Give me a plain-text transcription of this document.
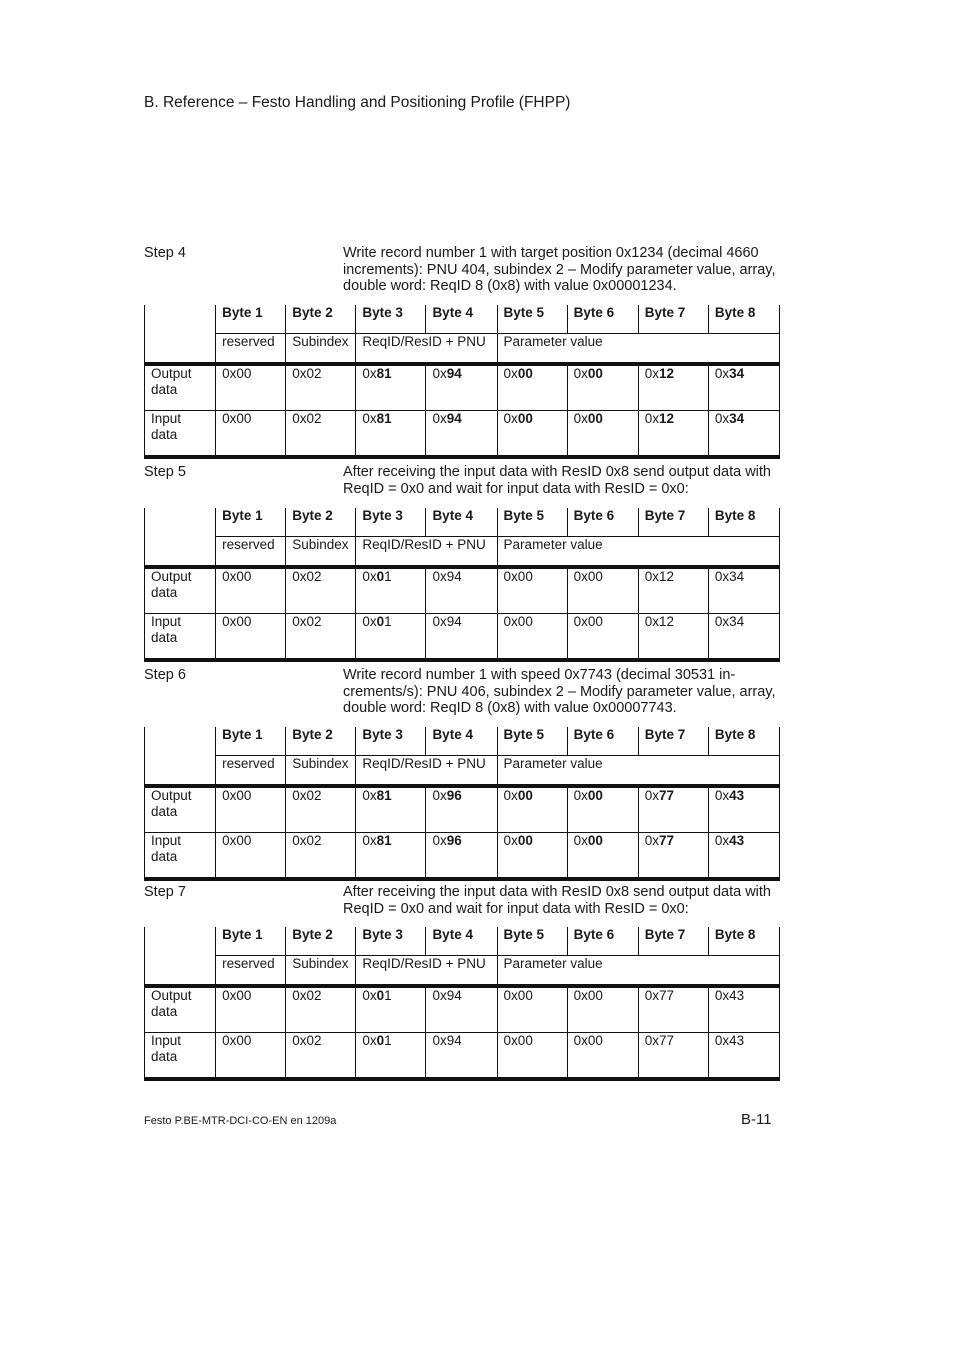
B. Reference – Festo Handling and Positioning Profile (FHPP)
Step 4	Write record number 1 with target position 0x1234 (decimal 4660
increments): PNU 404, subindex 2 – Modify parameter value, array,
double word: ReqID 8 (0x8) with value 0x00001234.
	Byte 1	Byte 2	Byte 3	Byte 4	Byte 5	Byte 6	Byte 7	Byte 8
	reserved	Subindex	ReqID/ResID + PNU		Parameter value			

Output
data	0x00	0x02	0x81	0x94	0x00	0x00	0x12	0x34

Input
data	0x00	0x02	0x81	0x94	0x00	0x00	0x12	0x34
Step 5	After receiving the input data with ResID 0x8 send output data with
ReqID = 0x0 and wait for input data with ResID = 0x0:
	Byte 1	Byte 2	Byte 3	Byte 4	Byte 5	Byte 6	Byte 7	Byte 8
	reserved	Subindex	ReqID/ResID + PNU		Parameter value			

Output
data	0x00	0x02	0x01	0x94	0x00	0x00	0x12	0x34

Input
data	0x00	0x02	0x01	0x94	0x00	0x00	0x12	0x34
Step 6	Write record number 1 with speed 0x7743 (decimal 30531 in-
crements/s): PNU 406, subindex 2 – Modify parameter value, array,
double word: ReqID 8 (0x8) with value 0x00007743.
	Byte 1	Byte 2	Byte 3	Byte 4	Byte 5	Byte 6	Byte 7	Byte 8
	reserved	Subindex	ReqID/ResID + PNU		Parameter value			

Output
data	0x00	0x02	0x81	0x96	0x00	0x00	0x77	0x43

Input
data	0x00	0x02	0x81	0x96	0x00	0x00	0x77	0x43
Step 7	After receiving the input data with ResID 0x8 send output data with
ReqID = 0x0 and wait for input data with ResID = 0x0:
	Byte 1	Byte 2	Byte 3	Byte 4	Byte 5	Byte 6	Byte 7	Byte 8
	reserved	Subindex	ReqID/ResID + PNU		Parameter value			

Output
data	0x00	0x02	0x01	0x94	0x00	0x00	0x77	0x43

Input
data	0x00	0x02	0x01	0x94	0x00	0x00	0x77	0x43
Festo P.BE-MTR-DCI-CO-EN en 1209a	B-11
